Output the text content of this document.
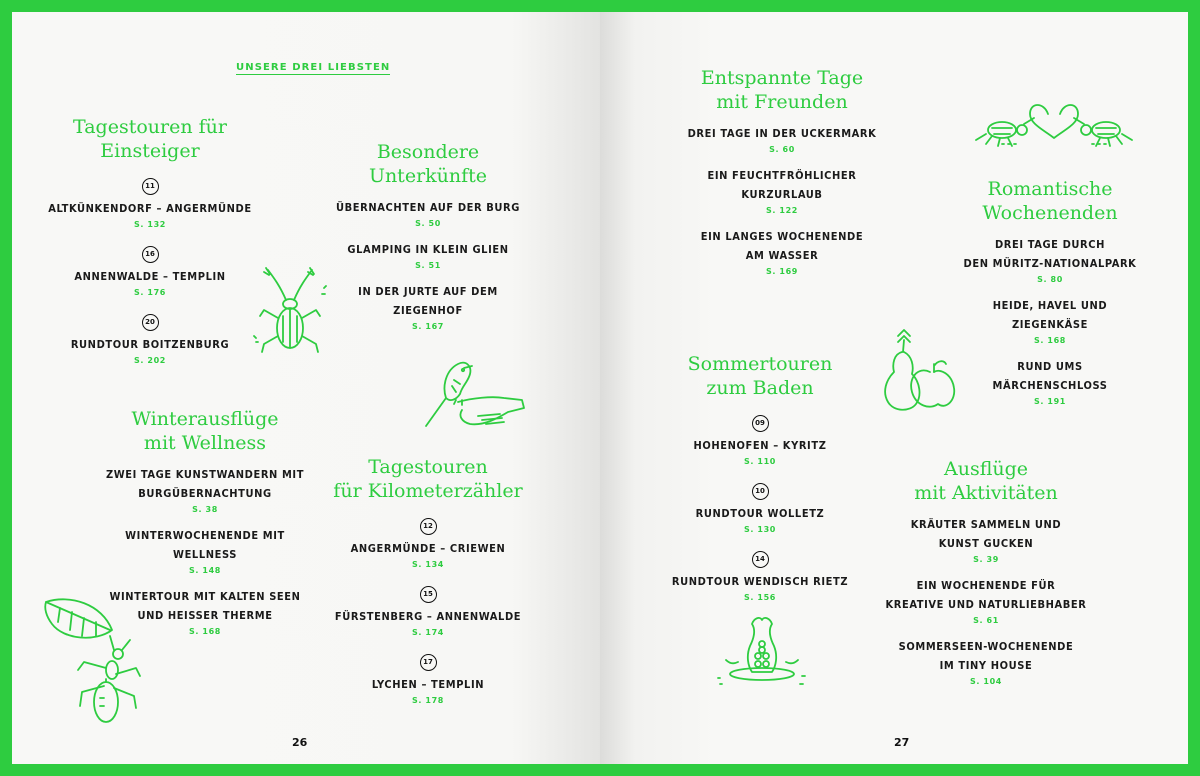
UNSERE DREI LIEBSTEN
Tagestouren für
Einsteiger
11
ALTKÜNKENDORF – ANGERMÜNDE
S. 132
16
ANNENWALDE – TEMPLIN
S. 176
20
RUNDTOUR BOITZENBURG
S. 202
Besondere
Unterkünfte
ÜBERNACHTEN AUF DER BURG
S. 50
GLAMPING IN KLEIN GLIEN
S. 51
IN DER JURTE AUF DEM
ZIEGENHOF
S. 167
Winterausflüge
mit Wellness
ZWEI TAGE KUNSTWANDERN MIT
BURGÜBERNACHTUNG
S. 38
WINTERWOCHENENDE MIT
WELLNESS
S. 148
WINTERTOUR MIT KALTEN SEEN
UND HEISSER THERME
S. 168
Tagestouren
für Kilometerzähler
12
ANGERMÜNDE – CRIEWEN
S. 134
15
FÜRSTENBERG – ANNENWALDE
S. 174
17
LYCHEN – TEMPLIN
S. 178
Entspannte Tage
mit Freunden
DREI TAGE IN DER UCKERMARK
S. 60
EIN FEUCHTFRÖHLICHER
KURZURLAUB
S. 122
EIN LANGES WOCHENENDE
AM WASSER
S. 169
Romantische
Wochenenden
DREI TAGE DURCH
DEN MÜRITZ-NATIONALPARK
S. 80
HEIDE, HAVEL UND
ZIEGENKÄSE
S. 168
RUND UMS
MÄRCHENSCHLOSS
S. 191
Sommertouren
zum Baden
09
HOHENOFEN – KYRITZ
S. 110
10
RUNDTOUR WOLLETZ
S. 130
14
RUNDTOUR WENDISCH RIETZ
S. 156
Ausflüge
mit Aktivitäten
KRÄUTER SAMMELN UND
KUNST GUCKEN
S. 39
EIN WOCHENENDE FÜR
KREATIVE UND NATURLIEBHABER
S. 61
SOMMERSEEN-WOCHENENDE
IM TINY HOUSE
S. 104
26	27
